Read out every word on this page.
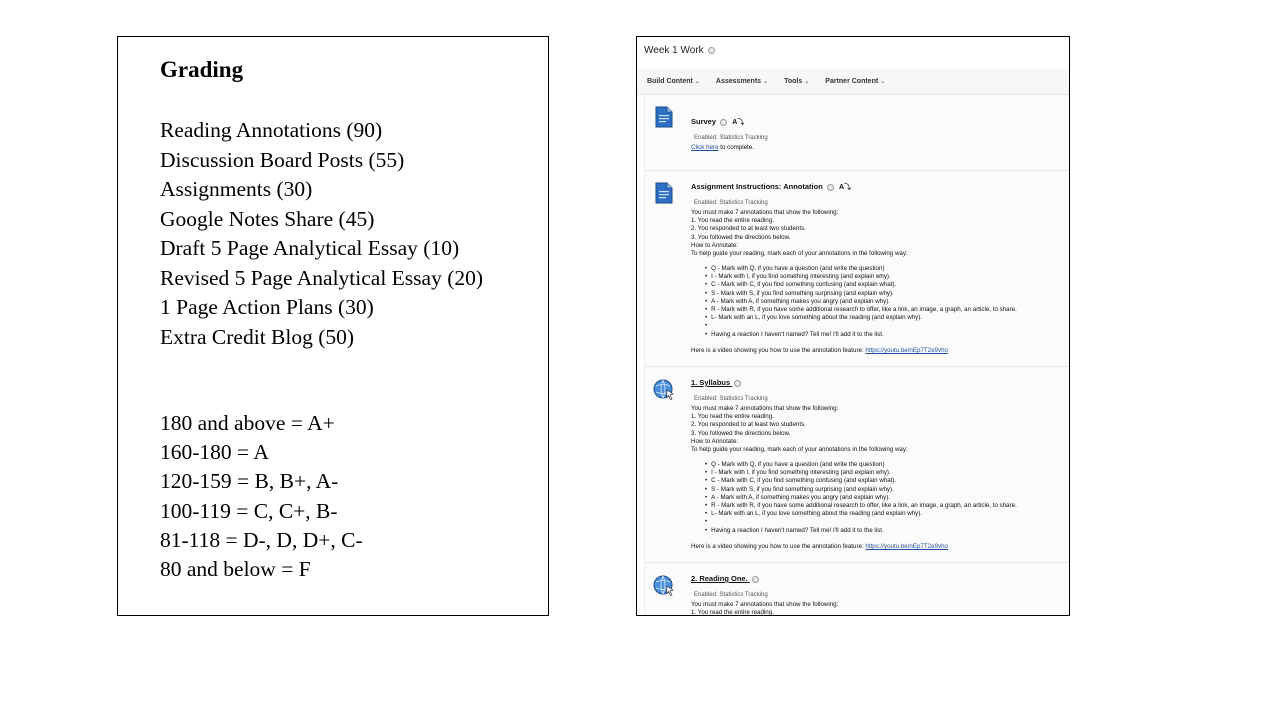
Grading
Reading Annotations (90)
Discussion Board Posts (55)
Assignments (30)
Google Notes Share (45)
Draft 5 Page Analytical Essay (10)
Revised 5 Page Analytical Essay (20)
1 Page Action Plans (30)
Extra Credit Blog (50)
180 and above = A+
160-180 = A
120-159 = B, B+, A-
100-119 = C, C+, B-
81-118 = D-, D, D+, C-
80 and below = F
Week 1 Work
Build Content ⌄ Assessments ⌄ Tools ⌄ Partner Content ⌄
Survey A⤵
Enabled: Statistics Tracking
Click here to complete.
Assignment Instructions: Annotation A⤵
Enabled: Statistics Tracking
You must make 7 annotations that show the following:
1. You read the entire reading.
2. You responded to at least two students.
3. You followed the directions below.
How to Annotate:
To help guide your reading, mark each of your annotations in the following way:
• Q - Mark with Q, if you have a question (and write the question)
• I - Mark with I, if you find something interesting (and explain why).
• C - Mark with C, if you find something confusing (and explain what).
• S - Mark with S, if you find something surprising (and explain why).
• A - Mark with A, if something makes you angry (and explain why).
• R - Mark with R, if you have some additional research to offer, like a link, an image, a graph, an article, to share.
• L- Mark with an L, if you love something about the reading (and explain why).
•
• Having a reaction I haven't named? Tell me! I'll add it to the list.
Here is a video showing you how to use the annotation feature: https://youtu.be/nEp7T2e9vho
1. Syllabus
Enabled: Statistics Tracking
You must make 7 annotations that show the following:
1. You read the entire reading.
2. You responded to at least two students.
3. You followed the directions below.
How to Annotate:
To help guide your reading, mark each of your annotations in the following way:
• Q - Mark with Q, if you have a question (and write the question)
• I - Mark with I, if you find something interesting (and explain why).
• C - Mark with C, if you find something confusing (and explain what).
• S - Mark with S, if you find something surprising (and explain why).
• A - Mark with A, if something makes you angry (and explain why).
• R - Mark with R, if you have some additional research to offer, like a link, an image, a graph, an article, to share.
• L- Mark with an L, if you love something about the reading (and explain why).
•
• Having a reaction I haven't named? Tell me! I'll add it to the list.
Here is a video showing you how to use the annotation feature: https://youtu.be/nEp7T2e9vho
2. Reading One.
Enabled: Statistics Tracking
You must make 7 annotations that show the following:
1. You read the entire reading.
